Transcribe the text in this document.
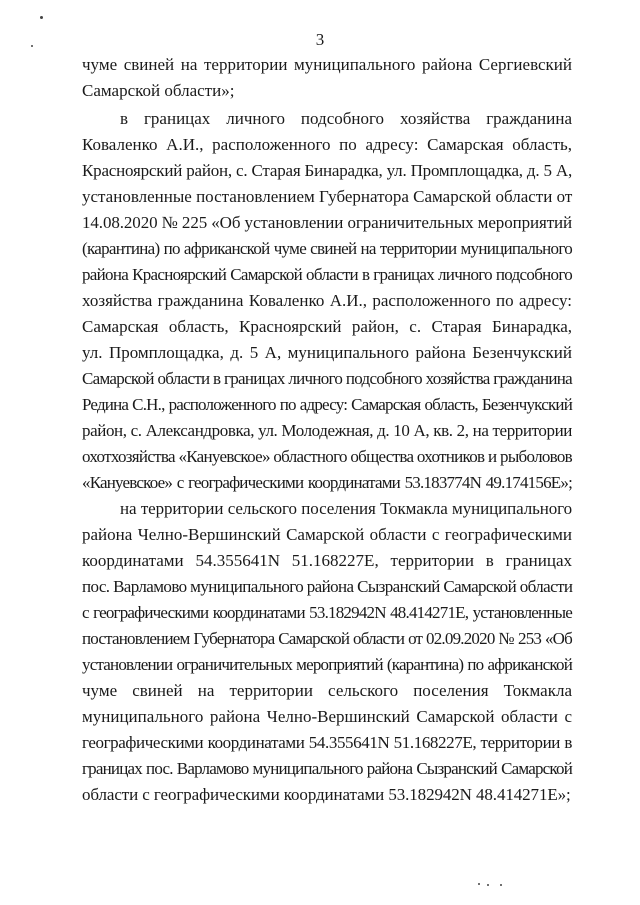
3
чуме свиней на территории муниципального района Сергиевский
Самарской области»;
в границах личного подсобного хозяйства гражданина
Коваленко А.И., расположенного по адресу: Самарская область,
Красноярский район, с. Старая Бинарадка, ул. Промплощадка, д. 5 А,
установленные постановлением Губернатора Самарской области от
14.08.2020 № 225 «Об установлении ограничительных мероприятий
(карантина) по африканской чуме свиней на территории муниципального
района Красноярский Самарской области в границах личного подсобного
хозяйства гражданина Коваленко А.И., расположенного по адресу:
Самарская область, Красноярский район, с. Старая Бинарадка,
ул. Промплощадка, д. 5 А, муниципального района Безенчукский
Самарской области в границах личного подсобного хозяйства гражданина
Редина С.Н., расположенного по адресу: Самарская область, Безенчукский
район, с. Александровка, ул. Молодежная, д. 10 А, кв. 2, на территории
охотхозяйства «Кануевское» областного общества охотников и рыболовов
«Кануевское» с географическими координатами 53.183774N 49.174156E»;
на территории сельского поселения Токмакла муниципального
района Челно-Вершинский Самарской области с географическими
координатами 54.355641N 51.168227E, территории в границах
пос. Варламово муниципального района Сызранский Самарской области
с географическими координатами 53.182942N 48.414271E, установленные
постановлением Губернатора Самарской области от 02.09.2020 № 253 «Об
установлении ограничительных мероприятий (карантина) по африканской
чуме свиней на территории сельского поселения Токмакла
муниципального района Челно-Вершинский Самарской области с
географическими координатами 54.355641N 51.168227E, территории в
границах пос. Варламово муниципального района Сызранский Самарской
области с географическими координатами 53.182942N 48.414271E»;
